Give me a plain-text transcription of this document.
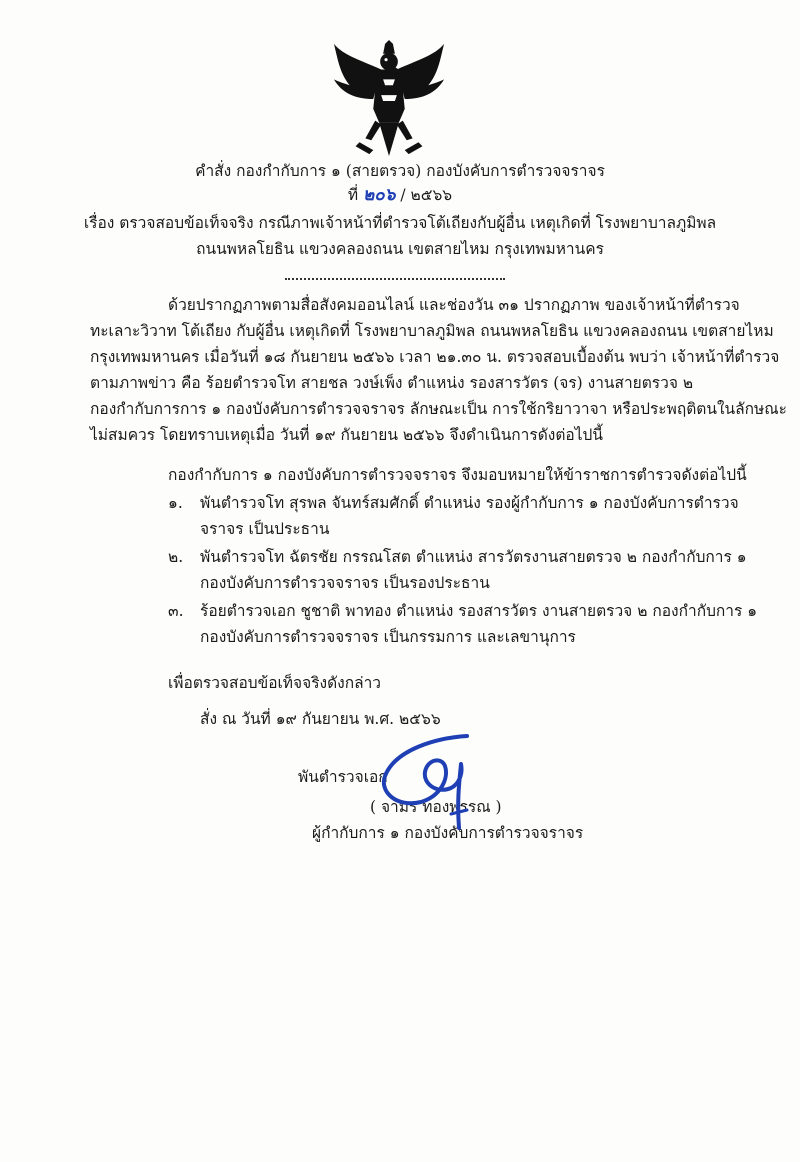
คำสั่ง กองกำกับการ ๑ (สายตรวจ) กองบังคับการตำรวจจราจร
ที่ ๒๐๖ / ๒๕๖๖
เรื่อง ตรวจสอบข้อเท็จจริง กรณีภาพเจ้าหน้าที่ตำรวจโต้เถียงกับผู้อื่น เหตุเกิดที่ โรงพยาบาลภูมิพล
ถนนพหลโยธิน แขวงคลองถนน เขตสายไหม กรุงเทพมหานคร
ด้วยปรากฏภาพตามสื่อสังคมออนไลน์ และช่องวัน ๓๑ ปรากฏภาพ ของเจ้าหน้าที่ตำรวจ
ทะเลาะวิวาท โต้เถียง กับผู้อื่น เหตุเกิดที่ โรงพยาบาลภูมิพล ถนนพหลโยธิน แขวงคลองถนน เขตสายไหม
กรุงเทพมหานคร เมื่อวันที่ ๑๘ กันยายน ๒๕๖๖ เวลา ๒๑.๓๐ น. ตรวจสอบเบื้องต้น พบว่า เจ้าหน้าที่ตำรวจ
ตามภาพข่าว คือ ร้อยตำรวจโท สายชล วงษ์เพ็ง ตำแหน่ง รองสารวัตร (จร) งานสายตรวจ ๒
กองกำกับการการ ๑ กองบังคับการตำรวจจราจร ลักษณะเป็น การใช้กริยาวาจา หรือประพฤติตนในลักษณะ
ไม่สมควร โดยทราบเหตุเมื่อ วันที่ ๑๙ กันยายน ๒๕๖๖ จึงดำเนินการดังต่อไปนี้
กองกำกับการ ๑ กองบังคับการตำรวจจราจร จึงมอบหมายให้ข้าราชการตำรวจดังต่อไปนี้
๑. พันตำรวจโท สุรพล จันทร์สมศักดิ์ ตำแหน่ง รองผู้กำกับการ ๑ กองบังคับการตำรวจ
จราจร เป็นประธาน
๒. พันตำรวจโท ฉัตรชัย กรรณโสต ตำแหน่ง สารวัตรงานสายตรวจ ๒ กองกำกับการ ๑
กองบังคับการตำรวจจราจร เป็นรองประธาน
๓. ร้อยตำรวจเอก ชูชาติ พาทอง ตำแหน่ง รองสารวัตร งานสายตรวจ ๒ กองกำกับการ ๑
กองบังคับการตำรวจจราจร เป็นกรรมการ และเลขานุการ
เพื่อตรวจสอบข้อเท็จจริงดังกล่าว
สั่ง ณ วันที่ ๑๙ กันยายน พ.ศ. ๒๕๖๖
พันตำรวจเอก
( จามร ทองพรรณ )
ผู้กำกับการ ๑ กองบังคับการตำรวจจราจร
